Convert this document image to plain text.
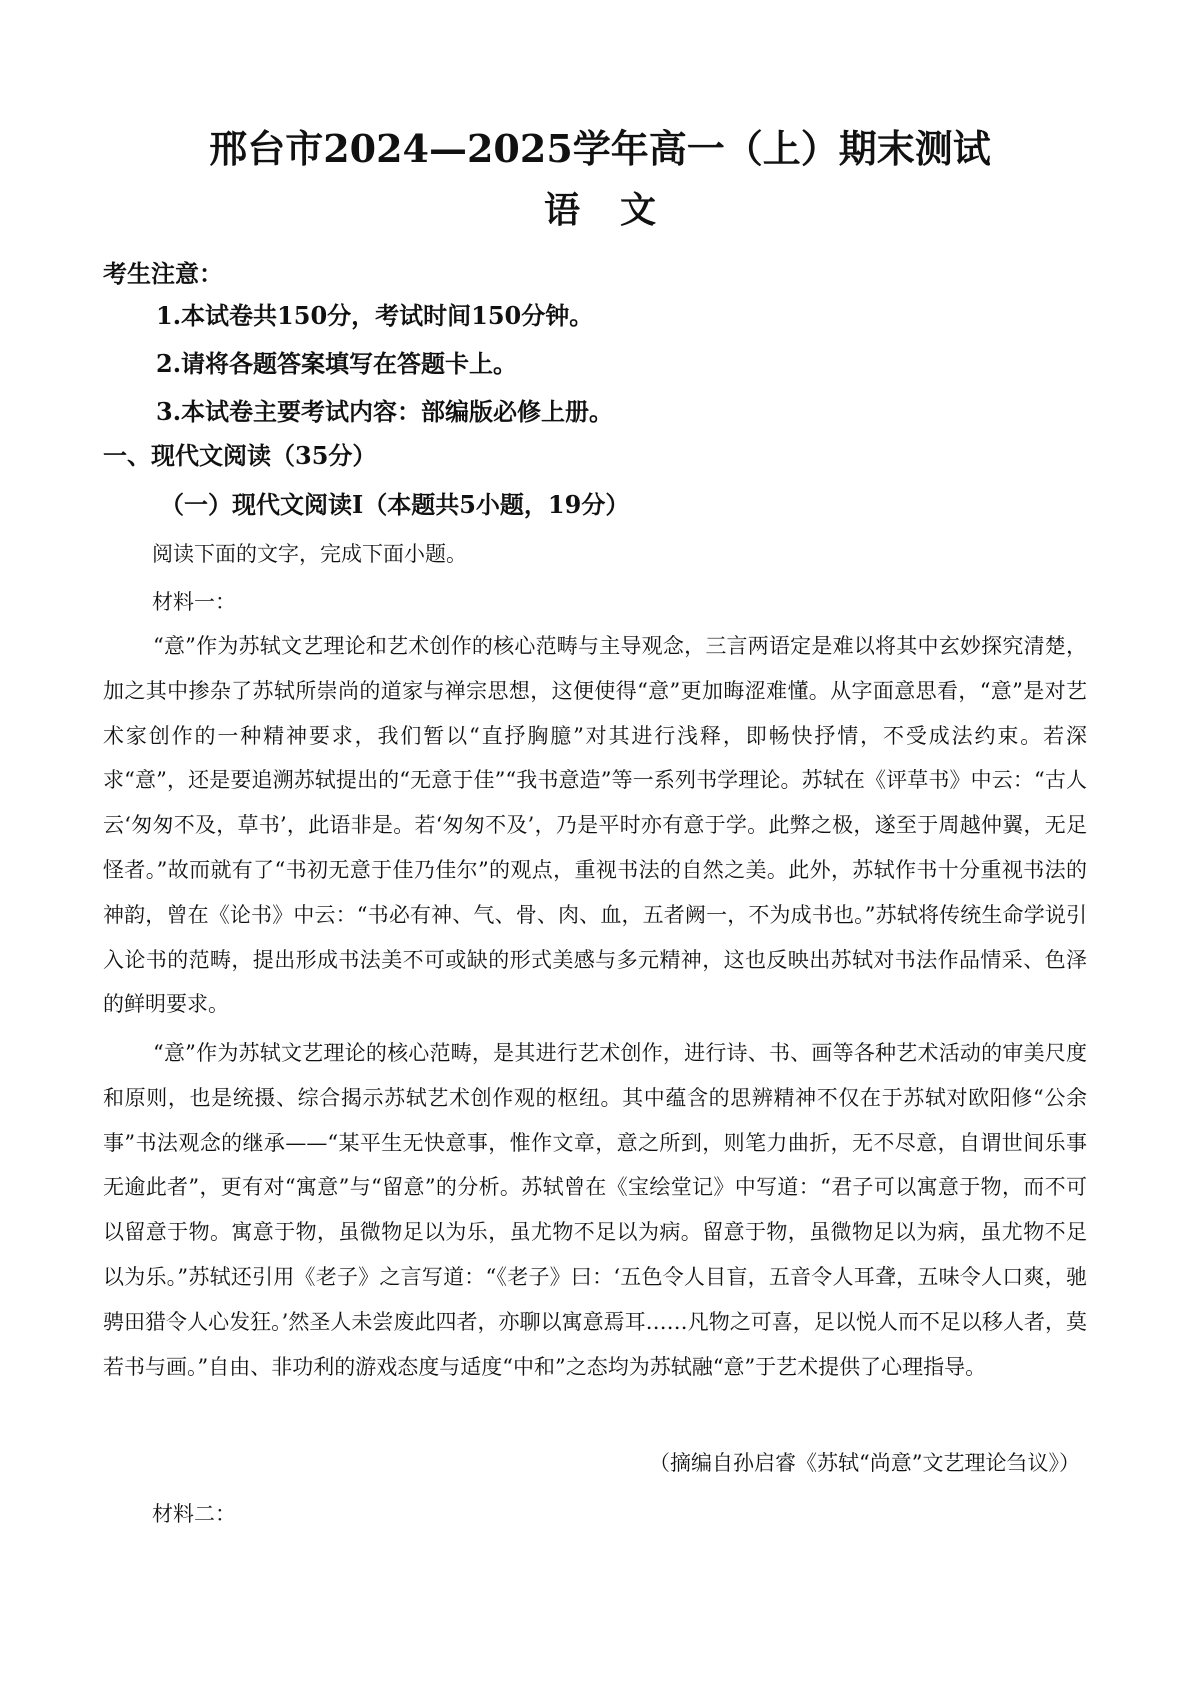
邢台市2024—2025学年高一（上）期末测试
语文
考生注意：
1.本试卷共150分，考试时间150分钟。
2.请将各题答案填写在答题卡上。
3.本试卷主要考试内容：部编版必修上册。
一、现代文阅读（35分）
（一）现代文阅读Ⅰ（本题共5小题，19分）
阅读下面的文字，完成下面小题。
材料一：

“意”作为苏轼文艺理论和艺术创作的核心范畴与主导观念，三言两语定是难以将其中玄妙探究清楚，加之其中掺杂了苏轼所崇尚的道家与禅宗思想，这便使得“意”更加晦涩难懂。从字面意思看，“意”是对艺术家创作的一种精神要求，我们暂以“直抒胸臆”对其进行浅释，即畅快抒情，不受成法约束。若深求“意”，还是要追溯苏轼提出的“无意于佳”“我书意造”等一系列书学理论。苏轼在《评草书》中云：“古人云‘匆匆不及，草书’，此语非是。若‘匆匆不及’，乃是平时亦有意于学。此弊之极，遂至于周越仲翼，无足怪者。”故而就有了“书初无意于佳乃佳尔”的观点，重视书法的自然之美。此外，苏轼作书十分重视书法的神韵，曾在《论书》中云：“书必有神、气、骨、肉、血，五者阙一，不为成书也。”苏轼将传统生命学说引入论书的范畴，提出形成书法美不可或缺的形式美感与多元精神，这也反映出苏轼对书法作品情采、色泽的鲜明要求。

“意”作为苏轼文艺理论的核心范畴，是其进行艺术创作，进行诗、书、画等各种艺术活动的审美尺度和原则，也是统摄、综合揭示苏轼艺术创作观的枢纽。其中蕴含的思辨精神不仅在于苏轼对欧阳修“公余事”书法观念的继承——“某平生无快意事，惟作文章，意之所到，则笔力曲折，无不尽意，自谓世间乐事无逾此者”，更有对“寓意”与“留意”的分析。苏轼曾在《宝绘堂记》中写道：“君子可以寓意于物，而不可以留意于物。寓意于物，虽微物足以为乐，虽尤物不足以为病。留意于物，虽微物足以为病，虽尤物不足以为乐。”苏轼还引用《老子》之言写道：“《老子》曰：‘五色令人目盲，五音令人耳聋，五味令人口爽，驰骋田猎令人心发狂。’然圣人未尝废此四者，亦聊以寓意焉耳……凡物之可喜，足以悦人而不足以移人者，莫若书与画。”自由、非功利的游戏态度与适度“中和”之态均为苏轼融“意”于艺术提供了心理指导。

（摘编自孙启睿《苏轼“尚意”文艺理论刍议》）
材料二：
